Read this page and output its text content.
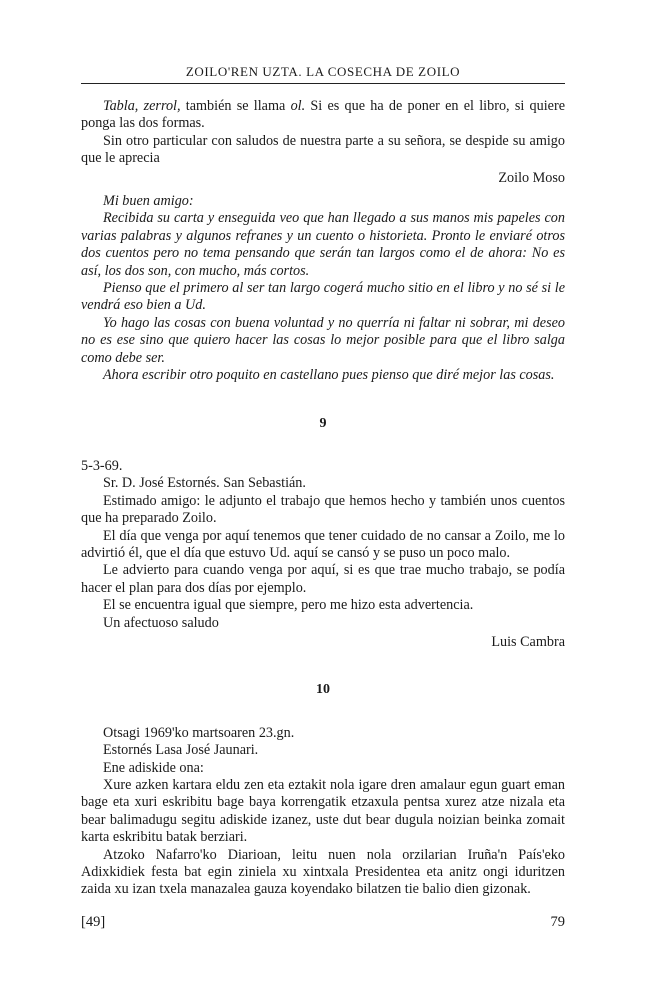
ZOILO'REN UZTA. LA COSECHA DE ZOILO

Tabla, zerrol, también se llama ol. Si es que ha de poner en el libro, si quiere ponga las dos formas.

Sin otro particular con saludos de nuestra parte a su señora, se despide su amigo que le aprecia

Zoilo Moso

Mi buen amigo:

Recibida su carta y enseguida veo que han llegado a sus manos mis papeles con varias palabras y algunos refranes y un cuento o historieta. Pronto le enviaré otros dos cuentos pero no tema pensando que serán tan largos como el de ahora: No es así, los dos son, con mucho, más cortos.

Pienso que el primero al ser tan largo cogerá mucho sitio en el libro y no sé si le vendrá eso bien a Ud.

Yo hago las cosas con buena voluntad y no querría ni faltar ni sobrar, mi deseo no es ese sino que quiero hacer las cosas lo mejor posible para que el libro salga como debe ser.

Ahora escribir otro poquito en castellano pues pienso que diré mejor las cosas.

9

5-3-69.

Sr. D. José Estornés. San Sebastián.

Estimado amigo: le adjunto el trabajo que hemos hecho y también unos cuentos que ha preparado Zoilo.

El día que venga por aquí tenemos que tener cuidado de no cansar a Zoilo, me lo advirtió él, que el día que estuvo Ud. aquí se cansó y se puso un poco malo.

Le advierto para cuando venga por aquí, si es que trae mucho trabajo, se podía hacer el plan para dos días por ejemplo.

El se encuentra igual que siempre, pero me hizo esta advertencia.

Un afectuoso saludo

Luis Cambra

10

Otsagi 1969'ko martsoaren 23.gn.

Estornés Lasa José Jaunari.

Ene adiskide ona:

Xure azken kartara eldu zen eta eztakit nola igare dren amalaur egun guart eman bage eta xuri eskribitu bage baya korrengatik etzaxula pentsa xurez atze nizala eta bear balimadugu segitu adiskide izanez, uste dut bear dugula noizian beinka zomait karta eskribitu batak berziari.

Atzoko Nafarro'ko Diarioan, leitu nuen nola orzilarian Iruña'n País'eko Adixkidiek festa bat egin ziniela xu xintxala Presidentea eta anitz ongi iduritzen zaida xu izan txela manazalea gauza koyendako bilatzen tie balio dien gizonak.

[49]	79
